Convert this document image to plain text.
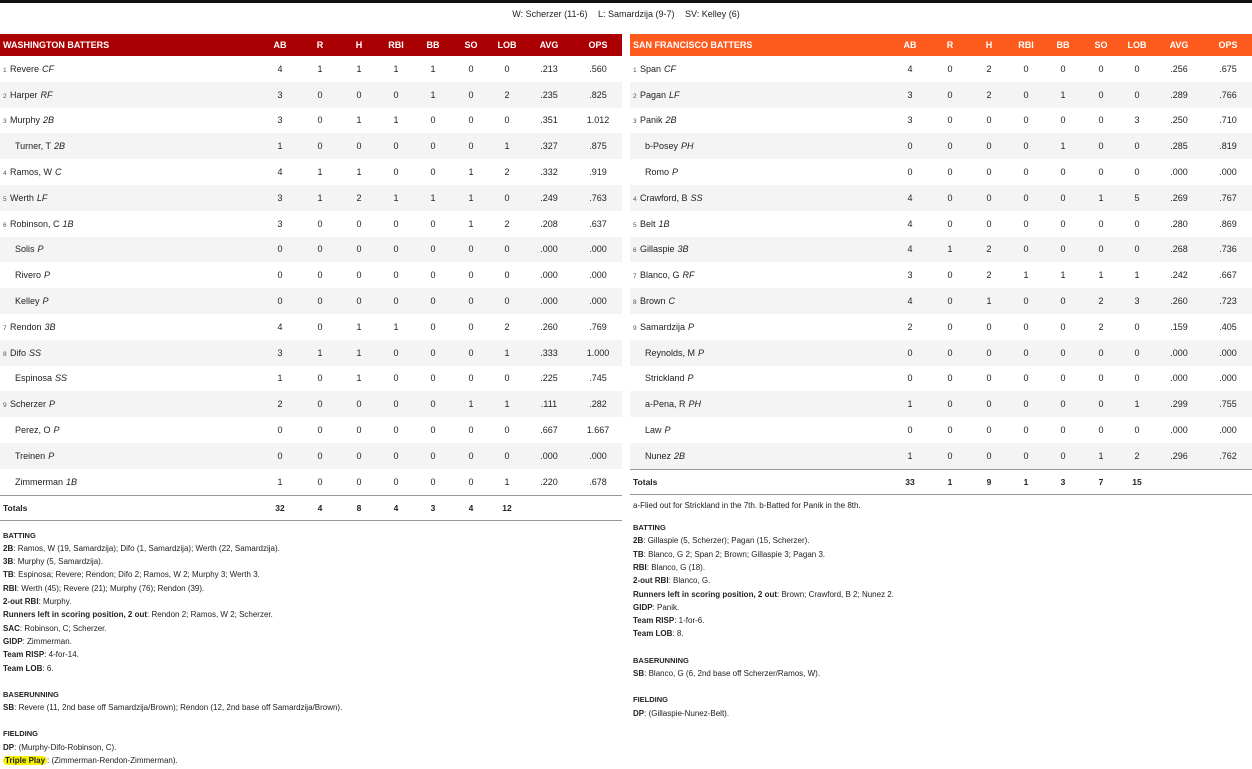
W: Scherzer (11-6) L: Samardzija (9-7) SV: Kelley (6)
WASHINGTON BATTERS	AB	R	H	RBI	BB	SO	LOB	AVG	OPS
1 Revere CF	4	1	1	1	1	0	0	.213	.560
2 Harper RF	3	0	0	0	1	0	2	.235	.825
3 Murphy 2B	3	0	1	1	0	0	0	.351	1.012
Turner, T 2B	1	0	0	0	0	0	1	.327	.875
4 Ramos, W C	4	1	1	0	0	1	2	.332	.919
5 Werth LF	3	1	2	1	1	1	0	.249	.763
6 Robinson, C 1B	3	0	0	0	0	1	2	.208	.637
Solis P	0	0	0	0	0	0	0	.000	.000
Rivero P	0	0	0	0	0	0	0	.000	.000
Kelley P	0	0	0	0	0	0	0	.000	.000
7 Rendon 3B	4	0	1	1	0	0	2	.260	.769
8 Difo SS	3	1	1	0	0	0	1	.333	1.000
Espinosa SS	1	0	1	0	0	0	0	.225	.745
9 Scherzer P	2	0	0	0	0	1	1	.111	.282
Perez, O P	0	0	0	0	0	0	0	.667	1.667
Treinen P	0	0	0	0	0	0	0	.000	.000
Zimmerman 1B	1	0	0	0	0	0	1	.220	.678
Totals	32	4	8	4	3	4	12
BATTING
2B: Ramos, W (19, Samardzija); Difo (1, Samardzija); Werth (22, Samardzija).
3B: Murphy (5, Samardzija).
TB: Espinosa; Revere; Rendon; Difo 2; Ramos, W 2; Murphy 3; Werth 3.
RBI: Werth (45); Revere (21); Murphy (76); Rendon (39).
2-out RBI: Murphy.
Runners left in scoring position, 2 out: Rendon 2; Ramos, W 2; Scherzer.
SAC: Robinson, C; Scherzer.
GIDP: Zimmerman.
Team RISP: 4-for-14.
Team LOB: 6.
BASERUNNING
SB: Revere (11, 2nd base off Samardzija/Brown); Rendon (12, 2nd base off Samardzija/Brown).
FIELDING
DP: (Murphy-Difo-Robinson, C).
Triple Play : (Zimmerman-Rendon-Zimmerman).
SAN FRANCISCO BATTERS	AB	R	H	RBI	BB	SO	LOB	AVG	OPS
1 Span CF	4	0	2	0	0	0	0	.256	.675
2 Pagan LF	3	0	2	0	1	0	0	.289	.766
3 Panik 2B	3	0	0	0	0	0	3	.250	.710
b-Posey PH	0	0	0	0	1	0	0	.285	.819
Romo P	0	0	0	0	0	0	0	.000	.000
4 Crawford, B SS	4	0	0	0	0	1	5	.269	.767
5 Belt 1B	4	0	0	0	0	0	0	.280	.869
6 Gillaspie 3B	4	1	2	0	0	0	0	.268	.736
7 Blanco, G RF	3	0	2	1	1	1	1	.242	.667
8 Brown C	4	0	1	0	0	2	3	.260	.723
9 Samardzija P	2	0	0	0	0	2	0	.159	.405
Reynolds, M P	0	0	0	0	0	0	0	.000	.000
Strickland P	0	0	0	0	0	0	0	.000	.000
a-Pena, R PH	1	0	0	0	0	0	1	.299	.755
Law P	0	0	0	0	0	0	0	.000	.000
Nunez 2B	1	0	0	0	0	1	2	.296	.762
Totals	33	1	9	1	3	7	15
a-Flied out for Strickland in the 7th. b-Batted for Panik in the 8th.
BATTING
2B: Gillaspie (5, Scherzer); Pagan (15, Scherzer).
TB: Blanco, G 2; Span 2; Brown; Gillaspie 3; Pagan 3.
RBI: Blanco, G (18).
2-out RBI: Blanco, G.
Runners left in scoring position, 2 out: Brown; Crawford, B 2; Nunez 2.
GIDP: Panik.
Team RISP: 1-for-6.
Team LOB: 8.
BASERUNNING
SB: Blanco, G (6, 2nd base off Scherzer/Ramos, W).
FIELDING
DP: (Gillaspie-Nunez-Belt).
